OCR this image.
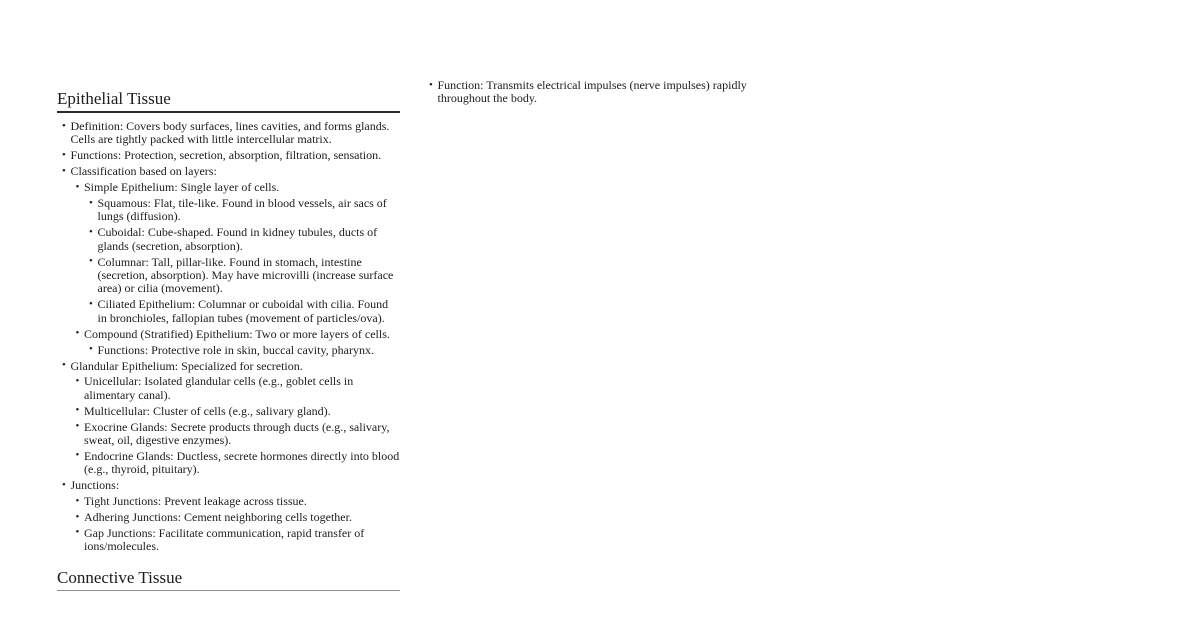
Epithelial Tissue
• Definition: Covers body surfaces, lines cavities, and forms glands. Cells are tightly packed with little intercellular matrix.
• Functions: Protection, secretion, absorption, filtration, sensation.
• Classification based on layers:
• Simple Epithelium: Single layer of cells.
• Squamous: Flat, tile-like. Found in blood vessels, air sacs of lungs (diffusion).
• Cuboidal: Cube-shaped. Found in kidney tubules, ducts of glands (secretion, absorption).
• Columnar: Tall, pillar-like. Found in stomach, intestine (secretion, absorption). May have microvilli (increase surface area) or cilia (movement).
• Ciliated Epithelium: Columnar or cuboidal with cilia. Found in bronchioles, fallopian tubes (movement of particles/ova).
• Compound (Stratified) Epithelium: Two or more layers of cells.
• Functions: Protective role in skin, buccal cavity, pharynx.
• Glandular Epithelium: Specialized for secretion.
• Unicellular: Isolated glandular cells (e.g., goblet cells in alimentary canal).
• Multicellular: Cluster of cells (e.g., salivary gland).
• Exocrine Glands: Secrete products through ducts (e.g., salivary, sweat, oil, digestive enzymes).
• Endocrine Glands: Ductless, secrete hormones directly into blood (e.g., thyroid, pituitary).
• Junctions:
• Tight Junctions: Prevent leakage across tissue.
• Adhering Junctions: Cement neighboring cells together.
• Gap Junctions: Facilitate communication, rapid transfer of ions/molecules.
Connective Tissue
• Function: Transmits electrical impulses (nerve impulses) rapidly throughout the body.
